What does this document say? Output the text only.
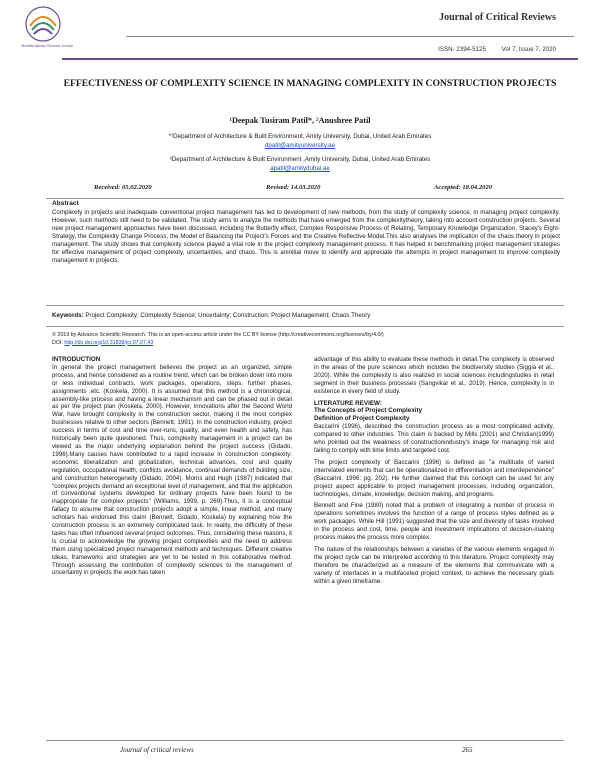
Multidisciplinary Reviews Journal
Journal of Critical Reviews
ISSN- 2394-5125	Vol 7, Issue 7, 2020
EFFECTIVENESS OF COMPLEXITY SCIENCE IN MANAGING COMPLEXITY IN CONSTRUCTION PROJECTS
¹Deepak Tusiram Patil*, ²Anushree Patil
*¹Department of Architecture & Built Environment, Amity University, Dubai, United Arab Emirates
dpatil@amityuniversity.ae
²Department of Architecture & Built Environment ,Amity University, Dubai, United Arab Emirates
apatil@amitydubai.ae
Received: 05.02.2020	Revised: 14.03.2020	Accepted: 18.04.2020
Abstract
Complexity in projects and inadequate conventional project management has led to development of new methods, from the study of complexity science, in managing project complexity. However, such methods still need to be validated. The study aims to analyze the methods that have emerged from the complexitytheory, taking into account construction projects. Several new project management approaches have been discussed, including the Butterfly effect, Complex Responsive Process of Relating, Temporary Knowledge Organization, Stacey's Eight- Strategy, the Complexity Change Process, the Model of Balancing the Project's Forces and the Creative Reflective Model.This also analyses the implication of the chaos theory in project management. The study shows that complexity science played a vital role in the project complexity management process. It has helped in benchmarking project management strategies for effective management of project complexity, uncertainties, and chaos. This is aninitial move to identify and appreciate the attempts in project management to improve complexity management in projects.
Keywords: Project Complexity; Complexity Science; Uncertainty; Construction; Project Management; Chaos Theory
© 2019 by Advance Scientific Research. This is an open-access article under the CC BY license (http://creativecommons.org/licenses/by/4.0/)
DOI: http://dx.doi.org/10.31838/jcr.07.07.43
INTRODUCTION

In general the project management believes the project as an organized, simple process, and hence considered as a routine trend, which can be broken down into more or less individual contracts, work packages, operations, steps, further phases, assignments ,etc. (Koskela, 2000). It is assumed that this method is a chronological, assembly-like process and having a linear mechanism and can be phased out in detail as per the project plan (Koskela, 2000). However, innovations after the Second World War, have brought complexity in the construction sector, making it the most complex businesses relative to other sectors (Bennett, 1991). In the construction industry, project success in terms of cost and time over-runs, quality, and even health and safety, has historically been quite questioned. Thus, complexity management in a project can be viewed as the major underlying explanation behind the project success (Gidado, 1996).Many causes have contributed to a rapid increase in construction complexity: economic liberalization and globalization, technical advances, cost and quality regulation, occupational health, conflicts avoidance, continual demands of building size, and construction heterogeneity (Gidado, 2004). Morris and Hugh (1987) indicated that "complex projects demand an exceptional level of management, and that the application of conventional systems developed for ordinary projects have been found to be inappropriate for complex projects" (Williams, 1999, p. 269).Thus, it is a conceptual fallacy to assume that construction projects adopt a simple, linear method, and many scholars has endorsed this claim (Bennett, Gidado, Koskela) by explaining how the construction process is an extremely complicated task. In reality, the difficulty of these tasks has often influenced several project outcomes. Thus, considering these reasons, it is crucial to acknowledge the growing project complexities and the need to address them using specialized project management methods and techniques. Different creative ideas, frameworks and strategies are yet to be tested in this collaborative method. Through assessing the contribution of complexity sciences to the management of uncertainty in projects the work has taken

advantage of this ability to evaluate these methods in detail.The complexity is observed in the areas of the pure sciences which includes the biodiversity studies (Siggia et al., 2020). While the complexity is also realized in social sciences includingstudies in retail segment in their business processes (Sangvikar et al., 2019). Hence, complexity is in existence in every field of study.

LITERATURE REVIEW:
The Concepts of Project Complexity
Definition of Project Complexity

Baccarini (1996), described the construction process as a most complicated activity, compared to other industries. This claim is backed by Mills (2001) and Christian(1999) who pointed out the weakness of constructionindustry's image for managing risk and failing to comply with time limits and targeted cost.

The project complexity of Baccarini (1996) is defined as "a multitude of varied interrelated elements that can be operationalized in differentiation and interdependence" (Baccarini, 1996: pg. 202). He further claimed that this concept can be used for any project aspect applicable to project management processes, including organization, technologies, climate, knowledge, decision making, and programs.

Bennett and Fine (1980) noted that a problem of integrating a number of process in operations sometimes involves the function of a range of process styles defined as a work packages. While Hill (1991) suggested that the size and diversity of tasks involved in the process and cost, time, people and investment implications of decision-making process makes the process more complex.

The nature of the relationships between a varieties of the various elements engaged in the project cycle can be interpreted according to this literature. Project complexity may therefore be characterized as a measure of the elements that communicate with a variety of interfaces in a multifaceted project context, to achieve the necessary goals within a given timeframe.

Journal of critical reviews	265
